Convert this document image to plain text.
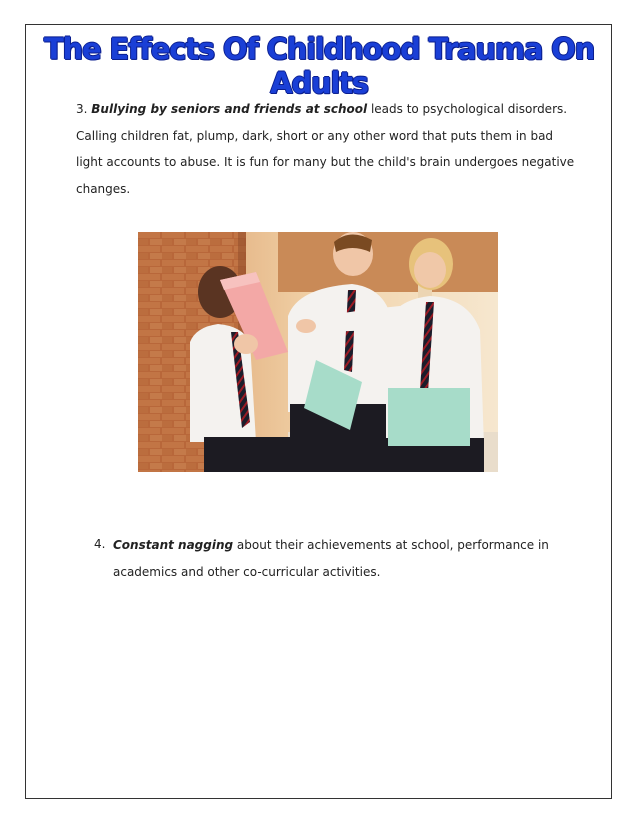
The Effects Of Childhood Trauma On Adults
3. Bullying by seniors and friends at school leads to psychological disorders.
Calling children fat, plump, dark, short or any other word that puts them in bad
light accounts to abuse. It is fun for many but the child's brain undergoes negative
changes.
4. Constant nagging about their achievements at school, performance in
academics and other co-curricular activities.
